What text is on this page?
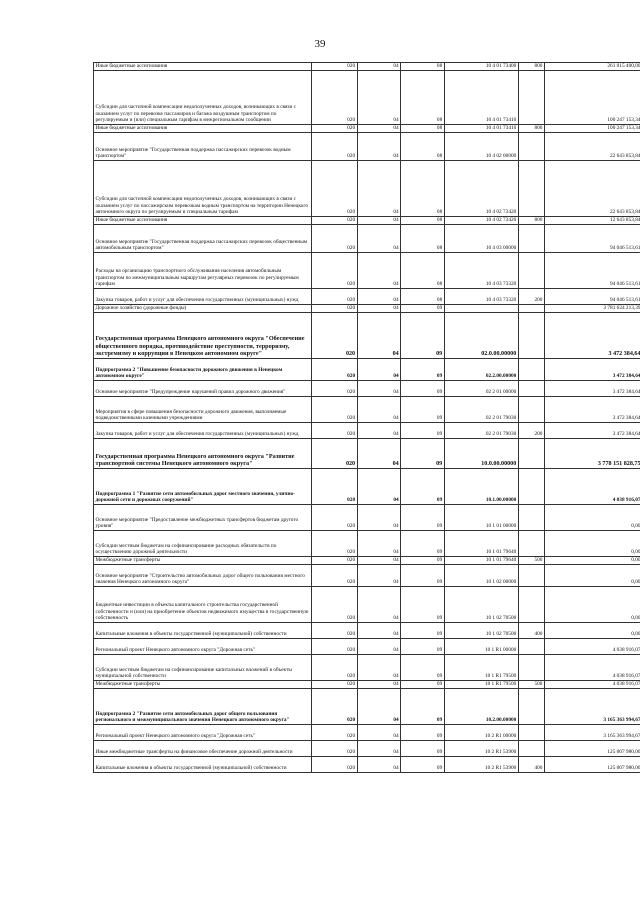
39
Иные бюджетные ассигнования	020	04	08	10 4 01 73400	800	261 015 400,00
Субсидии для частичной компенсации недополученных доходов, возникающих в связи с оказанием услуг по перевозке пассажиров и багажа воздушным транспортом по регулируемым и (или) специальным тарифам в межрегиональном сообщении	020	04	08	10 4 01 73410		100 247 153,34
Иные бюджетные ассигнования	020	04	08	10 4 01 73410	800	100 247 153,34
Основное мероприятие "Государственная поддержка пассажирских перевозок водным транспортом"	020	04	08	10 4 02 00000		22 643 853,84
Субсидии для частичной компенсации недополученных доходов, возникающих в связи с оказанием услуг по пассажирским перевозкам водным транспортом на территории Ненецкого автономного округа по регулируемым и специальным тарифам	020	04	08	10 4 02 73420		22 643 853,84
Иные бюджетные ассигнования	020	04	08	10 4 02 73420	800	12 643 853,84
Основное мероприятие "Государственная поддержка пассажирских перевозок общественным автомобильным транспортом"	020	04	08	10 4 03 00000		94 046 513,61
Расходы на организацию транспортного обслуживания населения автомобильным транспортом по межмуниципальным маршрутам регулярных перевозок по регулируемым тарифам	020	04	08	10 4 03 73320		94 046 513,61
Закупка товаров, работ и услуг для обеспечения государственных (муниципальных) нужд	020	04	08	10 4 03 73320	200	94 046 513,61
Дорожное хозяйство (дорожные фонды)	020	04	09			3 781 624 213,39
Государственная программа Ненецкого автономного округа "Обеспечение общественного порядка, противодействие преступности, терроризму, экстремизму и коррупции в Ненецком автономном округе"	020	04	09	02.0.00.00000		3 472 384,64
Подпрограмма 2 "Повышение безопасности дорожного движения в Ненецком автономном округе"	020	04	09	02.2.00.00000		3 472 384,64
Основное мероприятие "Предупреждение нарушений правил дорожного движения"	020	04	09	02 2 01 00000		3 472 384,64
Мероприятия в сфере повышения безопасности дорожного движения, выполняемые подведомственными казенными учреждениями	020	04	09	02 2 01 79030		3 472 384,64
Закупка товаров, работ и услуг для обеспечения государственных (муниципальных) нужд	020	04	09	02 2 01 79030	200	3 472 384,64
Государственная программа Ненецкого автономного округа "Развитие транспортной системы Ненецкого автономного округа"	020	04	09	10.0.00.00000		3 778 151 828,75
Подпрограмма 1 "Развитие сети автомобильных дорог местного значения, улично-дорожной сети и дорожных сооружений"	020	04	09	10.1.00.00000		4 038 916,07
Основное мероприятие "Предоставление межбюджетных трансфертов бюджетам другого уровня"	020	04	09	10 1 01 00000		0,00
Субсидии местным бюджетам на софинансирование расходных обязательств по осуществлению дорожной деятельности	020	04	09	10 1 01 79640		0,00
Межбюджетные трансферты	020	04	09	10 1 01 79640	500	0,00
Основное мероприятие "Строительство автомобильных дорог общего пользования местного значения Ненецкого автономного округа"	020	04	09	10 1 02 00000		0,00
Бюджетные инвестиции в объекты капитального строительства государственной собственности и (или) на приобретение объектов недвижимого имущества в государственную собственность	020	04	09	10 1 02 70500		0,00
Капитальные вложения в объекты государственной (муниципальной) собственности	020	04	09	10 1 02 70500	400	0,00
Региональный проект Ненецкого автономного округа "Дорожная сеть"	020	04	09	10 1 R1 00000		4 038 916,07
Субсидии местным бюджетам на софинансирование капитальных вложений в объекты муниципальной собственности	020	04	09	10 1 R1 79500		4 038 916,07
Межбюджетные трансферты	020	04	09	10 1 R1 79500	500	4 038 916,07
Подпрограмма 2 "Развитие сети автомобильных дорог общего пользования регионального и межмуниципального значения Ненецкого автономного округа"	020	04	09	10.2.00.00000		3 165 363 994,67
Региональный проект Ненецкого автономного округа "Дорожная сеть"	020	04	09	10 2 R1 00000		3 165 363 994,67
Иные межбюджетные трансферты на финансовое обеспечение дорожной деятельности	020	04	09	10 2 R1 53900		125 007 980,00
Капитальные вложения в объекты государственной (муниципальной) собственности	020	04	09	10 2 R1 53900	400	125 007 980,00
